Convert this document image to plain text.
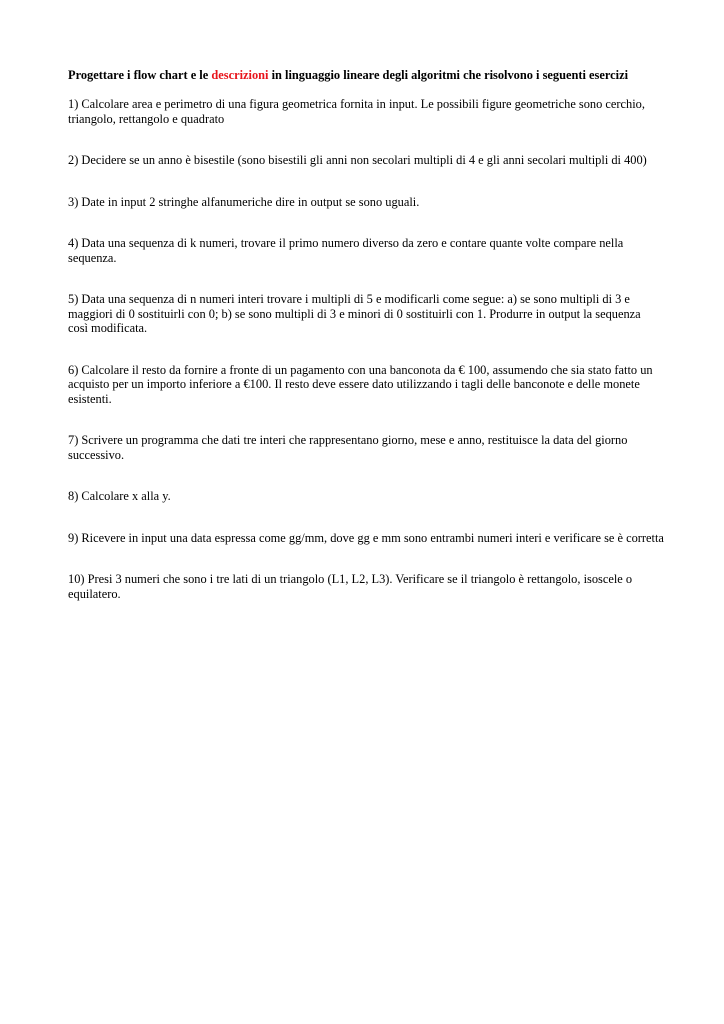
Progettare i flow chart e le descrizioni in linguaggio lineare degli algoritmi che risolvono i seguenti esercizi

1) Calcolare area e perimetro di una figura geometrica fornita in input. Le possibili figure geometriche sono cerchio, triangolo, rettangolo e quadrato

2) Decidere se un anno è bisestile (sono bisestili gli anni non secolari multipli di 4 e gli anni secolari multipli di 400)

3) Date in input 2 stringhe alfanumeriche dire in output se sono uguali.

4) Data una sequenza di k numeri, trovare il primo numero diverso da zero e contare quante volte compare nella sequenza.

5) Data una sequenza di n numeri interi trovare i multipli di 5 e modificarli come segue: a) se sono multipli di 3 e maggiori di 0 sostituirli con 0; b) se sono multipli di 3 e minori di 0 sostituirli con 1. Produrre in output la sequenza così modificata.

6) Calcolare il resto da fornire a fronte di un pagamento con una banconota da € 100, assumendo che sia stato fatto un acquisto per un importo inferiore a €100. Il resto deve essere dato utilizzando i tagli delle banconote e delle monete esistenti.

7) Scrivere un programma che dati tre interi che rappresentano giorno, mese e anno, restituisce la data del giorno successivo.

8) Calcolare x alla y.

9) Ricevere in input una data espressa come gg/mm, dove gg e mm sono entrambi numeri interi e verificare se è corretta

10) Presi 3 numeri che sono i tre lati di un triangolo (L1, L2, L3). Verificare se il triangolo è rettangolo, isoscele o equilatero.
